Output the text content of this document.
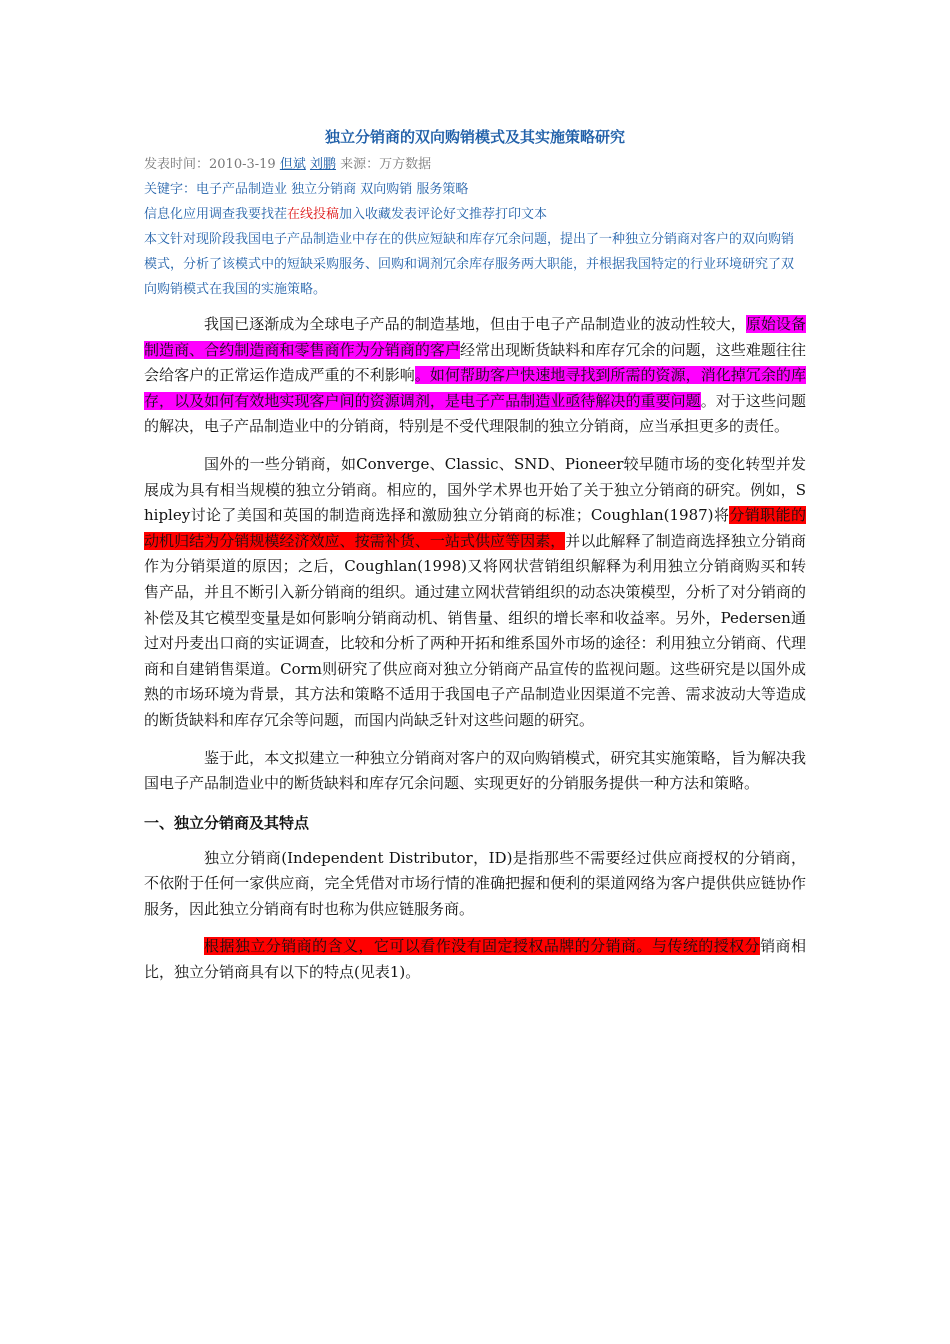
独立分销商的双向购销模式及其实施策略研究
发表时间：2010-3-19 但斌 刘鹏 来源：万方数据
关键字：电子产品制造业 独立分销商 双向购销 服务策略
信息化应用调查我要找茬在线投稿加入收藏发表评论好文推荐打印文本
本文针对现阶段我国电子产品制造业中存在的供应短缺和库存冗余问题，提出了一种独立分销商对客户的双向购销模式，分析了该模式中的短缺采购服务、回购和调剂冗余库存服务两大职能，并根据我国特定的行业环境研究了双向购销模式在我国的实施策略。

我国已逐渐成为全球电子产品的制造基地，但由于电子产品制造业的波动性较大，原始设备制造商、合约制造商和零售商作为分销商的客户经常出现断货缺料和库存冗余的问题，这些难题往往会给客户的正常运作造成严重的不利影响。如何帮助客户快速地寻找到所需的资源，消化掉冗余的库存，以及如何有效地实现客户间的资源调剂，是电子产品制造业亟待解决的重要问题。对于这些问题的解决，电子产品制造业中的分销商，特别是不受代理限制的独立分销商，应当承担更多的责任。

国外的一些分销商，如Converge、Classic、SND、Pioneer较早随市场的变化转型并发展成为具有相当规模的独立分销商。相应的，国外学术界也开始了关于独立分销商的研究。例如，Shipley讨论了美国和英国的制造商选择和激励独立分销商的标准；Coughlan(1987)将分销职能的动机归结为分销规模经济效应、按需补货、一站式供应等因素，并以此解释了制造商选择独立分销商作为分销渠道的原因；之后，Coughlan(1998)又将网状营销组织解释为利用独立分销商购买和转售产品，并且不断引入新分销商的组织。通过建立网状营销组织的动态决策模型，分析了对分销商的补偿及其它模型变量是如何影响分销商动机、销售量、组织的增长率和收益率。另外，Pedersen通过对丹麦出口商的实证调查，比较和分析了两种开拓和维系国外市场的途径：利用独立分销商、代理商和自建销售渠道。Corm则研究了供应商对独立分销商产品宣传的监视问题。这些研究是以国外成熟的市场环境为背景，其方法和策略不适用于我国电子产品制造业因渠道不完善、需求波动大等造成的断货缺料和库存冗余等问题，而国内尚缺乏针对这些问题的研究。

鉴于此，本文拟建立一种独立分销商对客户的双向购销模式，研究其实施策略，旨为解决我国电子产品制造业中的断货缺料和库存冗余问题、实现更好的分销服务提供一种方法和策略。

一、独立分销商及其特点

独立分销商(Independent Distributor，ID)是指那些不需要经过供应商授权的分销商，不依附于任何一家供应商，完全凭借对市场行情的准确把握和便利的渠道网络为客户提供供应链协作服务，因此独立分销商有时也称为供应链服务商。

根据独立分销商的含义，它可以看作没有固定授权品牌的分销商。与传统的授权分销商相比，独立分销商具有以下的特点(见表1)。
